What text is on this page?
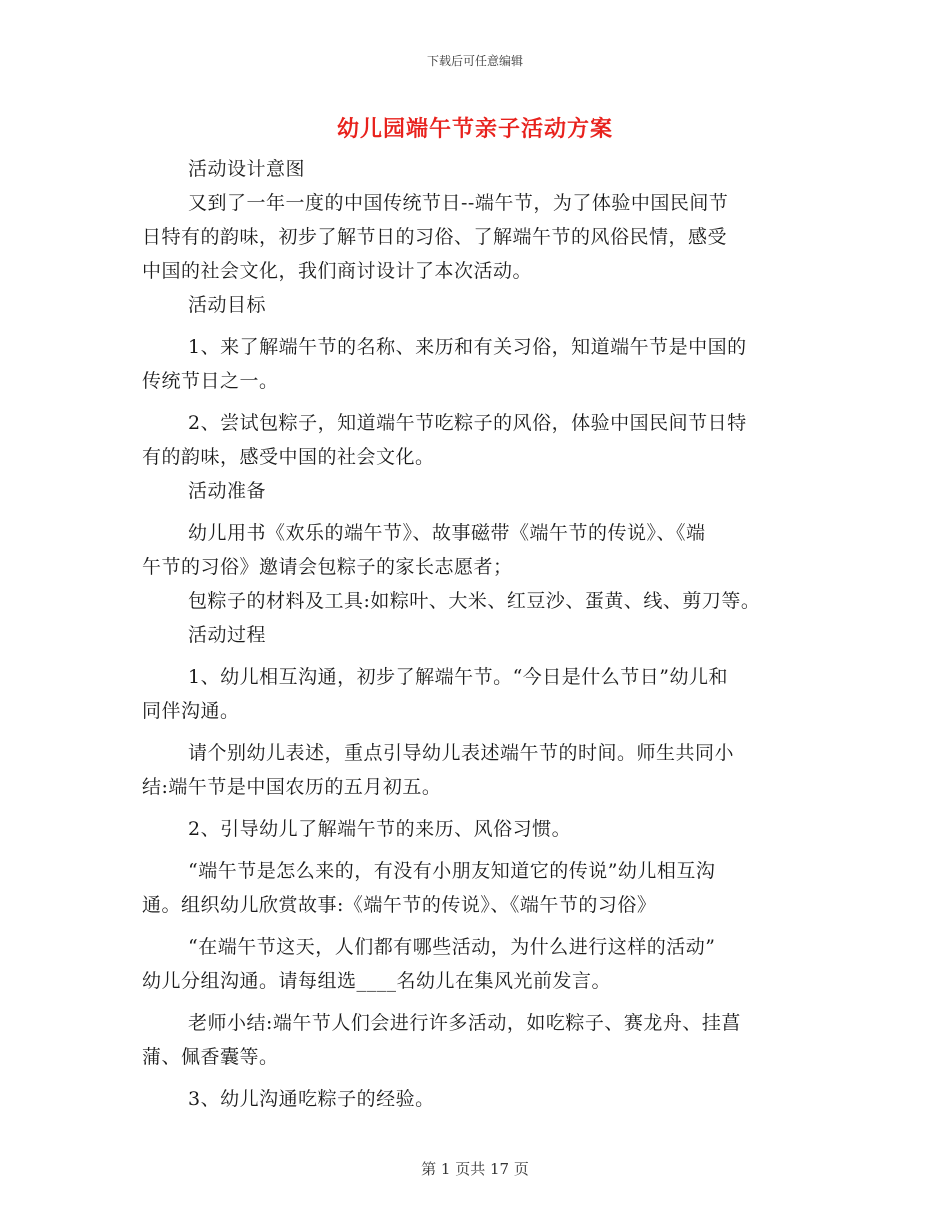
下载后可任意编辑
幼儿园端午节亲子活动方案
活动设计意图
又到了一年一度的中国传统节日--端午节，为了体验中国民间节
日特有的韵味，初步了解节日的习俗、了解端午节的风俗民情，感受
中国的社会文化，我们商讨设计了本次活动。
活动目标
1、来了解端午节的名称、来历和有关习俗，知道端午节是中国的
传统节日之一。
2、尝试包粽子，知道端午节吃粽子的风俗，体验中国民间节日特
有的韵味，感受中国的社会文化。
活动准备
幼儿用书《欢乐的端午节》、故事磁带《端午节的传说》、《端
午节的习俗》邀请会包粽子的家长志愿者；
包粽子的材料及工具:如粽叶、大米、红豆沙、蛋黄、线、剪刀等。
活动过程
1、幼儿相互沟通，初步了解端午节。“今日是什么节日”幼儿和
同伴沟通。
请个别幼儿表述，重点引导幼儿表述端午节的时间。师生共同小
结:端午节是中国农历的五月初五。
2、引导幼儿了解端午节的来历、风俗习惯。
“端午节是怎么来的，有没有小朋友知道它的传说”幼儿相互沟
通。组织幼儿欣赏故事:《端午节的传说》、《端午节的习俗》
“在端午节这天，人们都有哪些活动，为什么进行这样的活动”
幼儿分组沟通。请每组选____名幼儿在集风光前发言。
老师小结:端午节人们会进行许多活动，如吃粽子、赛龙舟、挂菖
蒲、佩香囊等。
3、幼儿沟通吃粽子的经验。
第 1 页共 17 页
